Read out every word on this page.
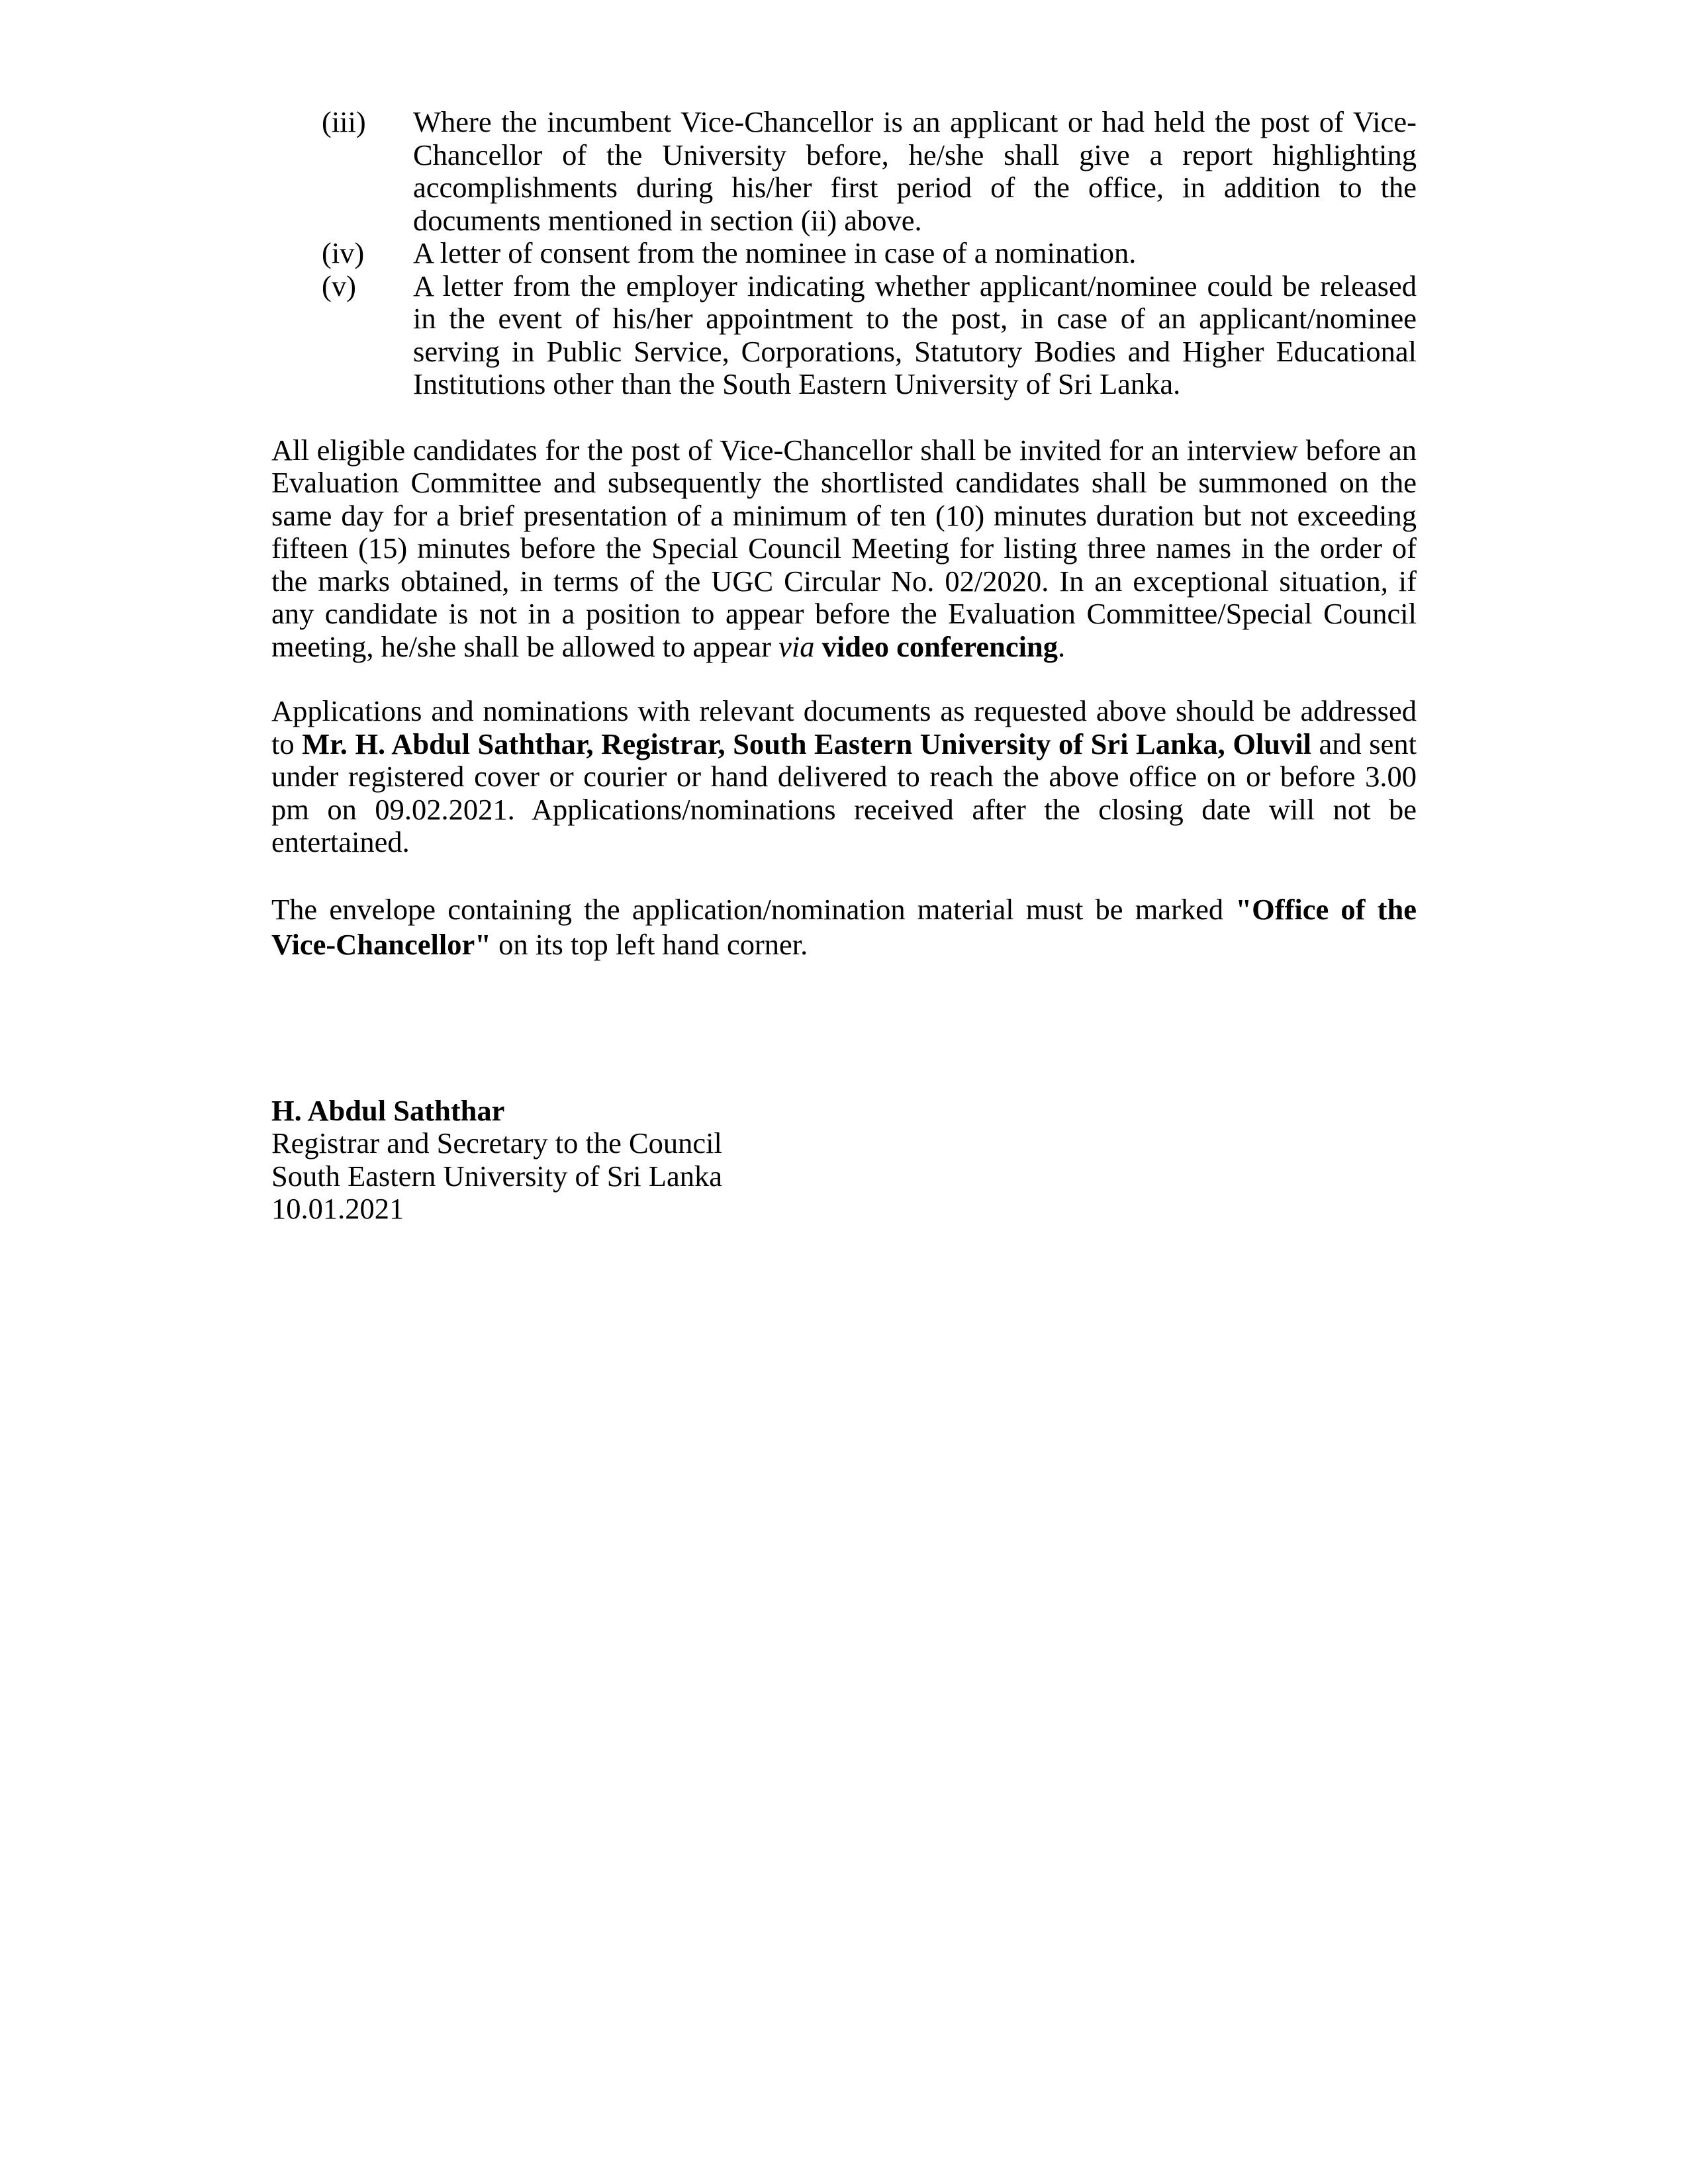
(iii)	Where the incumbent Vice-Chancellor is an applicant or had held the post of Vice-Chancellor of the University before, he/she shall give a report highlighting accomplishments during his/her first period of the office, in addition to the documents mentioned in section (ii) above.
(iv)	A letter of consent from the nominee in case of a nomination.
(v)	A letter from the employer indicating whether applicant/nominee could be released in the event of his/her appointment to the post, in case of an applicant/nominee serving in Public Service, Corporations, Statutory Bodies and Higher Educational Institutions other than the South Eastern University of Sri Lanka.

All eligible candidates for the post of Vice-Chancellor shall be invited for an interview before an Evaluation Committee and subsequently the shortlisted candidates shall be summoned on the same day for a brief presentation of a minimum of ten (10) minutes duration but not exceeding fifteen (15) minutes before the Special Council Meeting for listing three names in the order of the marks obtained, in terms of the UGC Circular No. 02/2020. In an exceptional situation, if any candidate is not in a position to appear before the Evaluation Committee/Special Council meeting, he/she shall be allowed to appear via video conferencing.

Applications and nominations with relevant documents as requested above should be addressed to Mr. H. Abdul Saththar, Registrar, South Eastern University of Sri Lanka, Oluvil and sent under registered cover or courier or hand delivered to reach the above office on or before 3.00 pm on 09.02.2021. Applications/nominations received after the closing date will not be entertained.

The envelope containing the application/nomination material must be marked "Office of the Vice-Chancellor" on its top left hand corner.

H. Abdul Saththar
Registrar and Secretary to the Council
South Eastern University of Sri Lanka
10.01.2021
